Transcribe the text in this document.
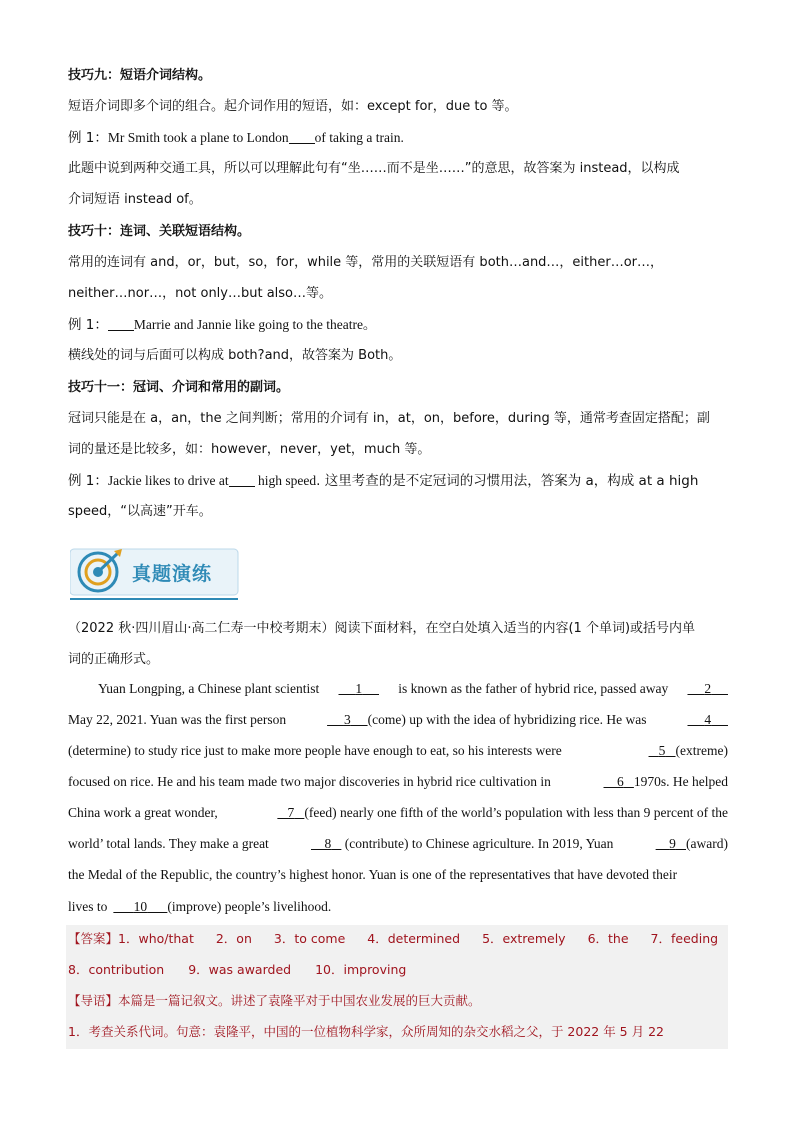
技巧九：短语介词结构。
短语介词即多个词的组合。起介词作用的短语，如：except for，due to 等。
例 1：Mr Smith took a plane to London of taking a train.
此题中说到两种交通工具，所以可以理解此句有“坐……而不是坐……”的意思，故答案为 instead，以构成
介词短语 instead of。
技巧十：连词、关联短语结构。
常用的连词有 and，or，but，so，for，while 等，常用的关联短语有 both…and…，either…or…，
neither…nor…，not only…but also…等。
例 1： Marrie and Jannie like going to the theatre。
横线处的词与后面可以构成 both?and，故答案为 Both。
技巧十一：冠词、介词和常用的副词。
冠词只能是在 a，an，the 之间判断；常用的介词有 in，at，on，before，during 等，通常考查固定搭配；副
词的量还是比较多，如：however，never，yet，much 等。
例 1：Jackie likes to drive at high speed. 这里考查的是不定冠词的习惯用法，答案为 a，构成 at a high
speed，“以高速”开车。
真题演练
（2022 秋·四川眉山·高二仁寿一中校考期末）阅读下面材料，在空白处填入适当的内容(1 个单词)或括号内单
词的正确形式。
Yuan Longping, a Chinese plant scientist	1	is known as the father of hybrid rice, passed away	2
May 22, 2021. Yuan was the first person	3 (come) up with the idea of hybridizing rice. He was	4
(determine) to study rice just to make more people have enough to eat, so his interests were	5 (extreme)
focused on rice. He and his team made two major discoveries in hybrid rice cultivation in	6 1970s. He helped
China work a great wonder,	7 (feed) nearly one fifth of the world’s population with less than 9 percent of the
world’ total lands. They make a great	8 (contribute) to Chinese agriculture. In 2019, Yuan	9 (award)
the Medal of the Republic, the country’s highest honor. Yuan is one of the representatives that have devoted their
lives to	10	(improve) people’s livelihood.
【答案】1．who/that 2．on 3．to come 4．determined 5．extremely 6．the 7．feeding
8．contribution 9．was awarded 10．improving
【导语】本篇是一篇记叙文。讲述了袁隆平对于中国农业发展的巨大贡献。
1．考查关系代词。句意：袁隆平，中国的一位植物科学家，众所周知的杂交水稻之父，于 2022 年 5 月 22
